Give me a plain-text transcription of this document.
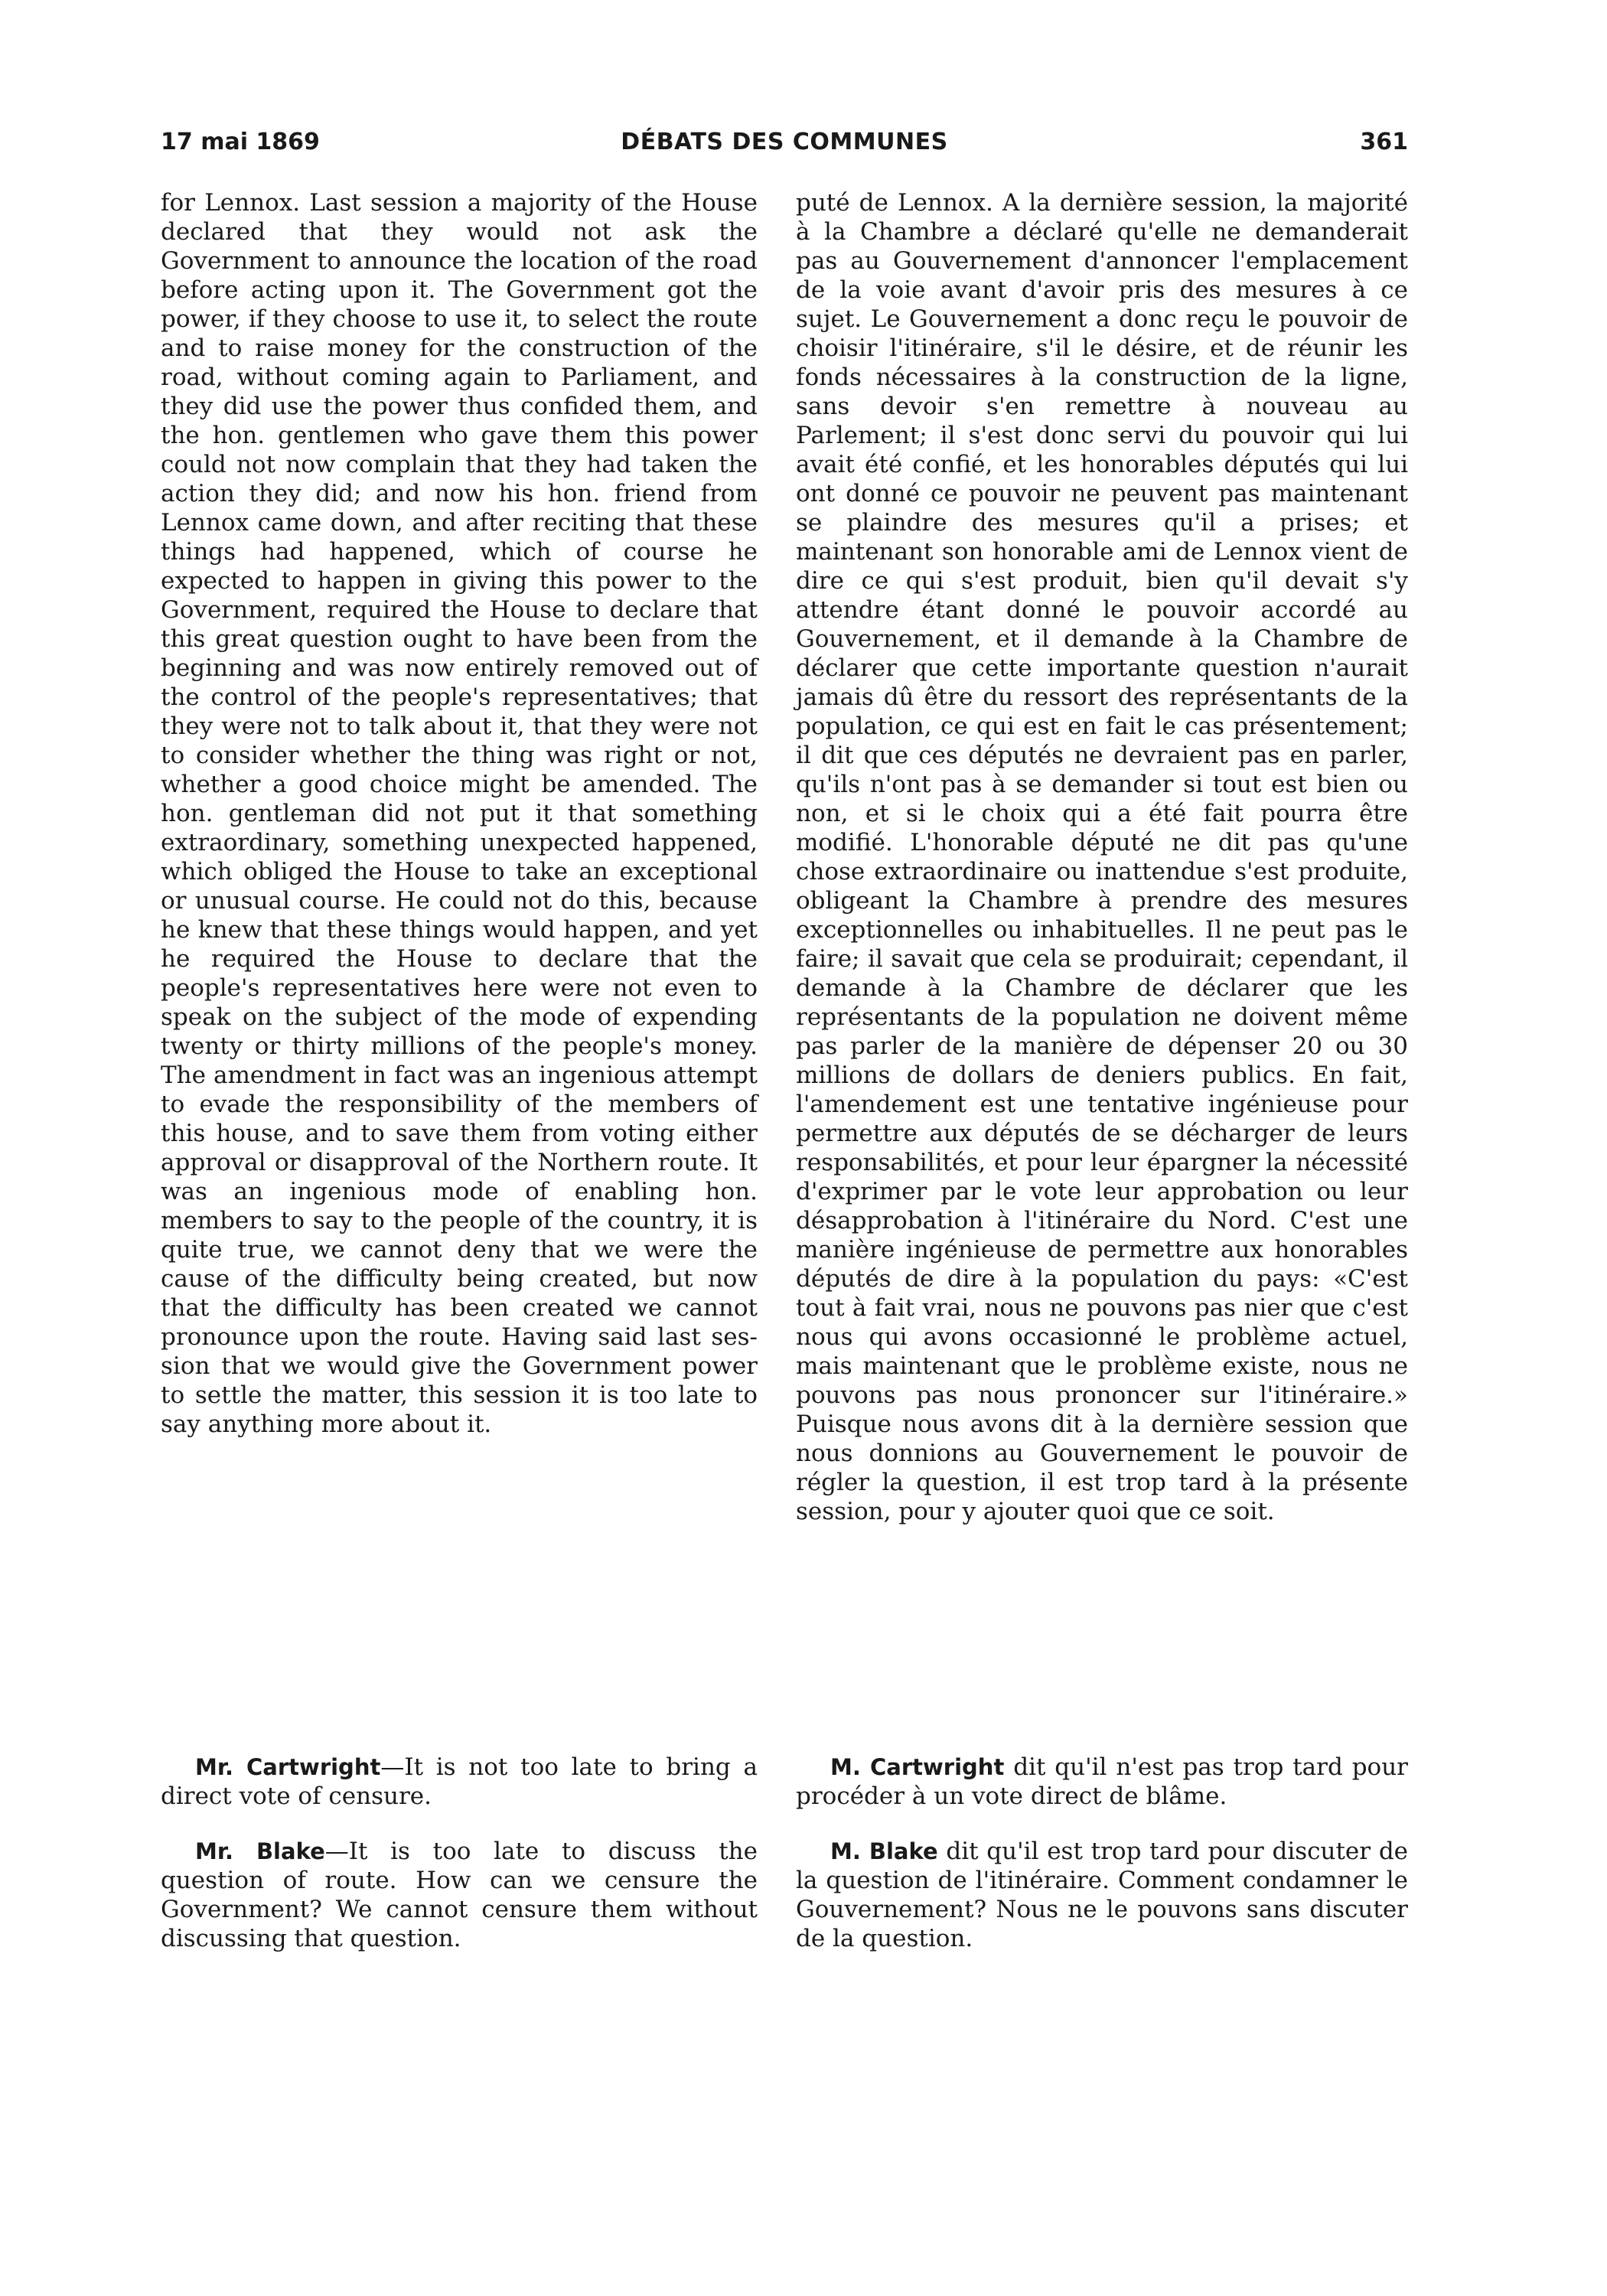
17 mai 1869	DÉBATS DES COMMUNES	361

for Lennox. Last session a majority of the House declared that they would not ask the Government to announce the location of the road before acting upon it. The Government got the power, if they choose to use it, to select the route and to raise money for the construction of the road, without coming again to Parliament, and they did use the power thus confided them, and the hon. gentlemen who gave them this power could not now complain that they had taken the action they did; and now his hon. friend from Lennox came down, and after reciting that these things had happened, which of course he expected to happen in giving this power to the Government, required the House to declare that this great question ought to have been from the beginning and was now entirely removed out of the control of the people's representatives; that they were not to talk about it, that they were not to consider whether the thing was right or not, whether a good choice might be amended. The hon. gentleman did not put it that something extraordinary, something unexpected happened, which obliged the House to take an exceptional or unusual course. He could not do this, because he knew that these things would happen, and yet he required the House to declare that the people's representatives here were not even to speak on the subject of the mode of expending twenty or thirty millions of the people's money. The amendment in fact was an ingenious attempt to evade the responsibility of the members of this house, and to save them from voting either approval or disapproval of the Northern route. It was an ingenious mode of enabling hon. members to say to the people of the country, it is quite true, we cannot deny that we were the cause of the difficulty being created, but now that the difficulty has been created we cannot pronounce upon the route. Having said last session that we would give the Government power to settle the matter, this session it is too late to say anything more about it.

puté de Lennox. A la dernière session, la majorité à la Chambre a déclaré qu'elle ne demanderait pas au Gouvernement d'annoncer l'emplacement de la voie avant d'avoir pris des mesures à ce sujet. Le Gouvernement a donc reçu le pouvoir de choisir l'itinéraire, s'il le désire, et de réunir les fonds nécessaires à la construction de la ligne, sans devoir s'en remettre à nouveau au Parlement; il s'est donc servi du pouvoir qui lui avait été confié, et les honorables députés qui lui ont donné ce pouvoir ne peuvent pas maintenant se plaindre des mesures qu'il a prises; et maintenant son honorable ami de Lennox vient de dire ce qui s'est produit, bien qu'il devait s'y attendre étant donné le pouvoir accordé au Gouvernement, et il demande à la Chambre de déclarer que cette importante question n'aurait jamais dû être du ressort des représentants de la population, ce qui est en fait le cas présentement; il dit que ces députés ne devraient pas en parler, qu'ils n'ont pas à se demander si tout est bien ou non, et si le choix qui a été fait pourra être modifié. L'honorable député ne dit pas qu'une chose extraordinaire ou inattendue s'est produite, obligeant la Chambre à prendre des mesures exceptionnelles ou inhabituelles. Il ne peut pas le faire; il savait que cela se produirait; cependant, il demande à la Chambre de déclarer que les représentants de la population ne doivent même pas parler de la manière de dépenser 20 ou 30 millions de dollars de deniers publics. En fait, l'amendement est une tentative ingénieuse pour permettre aux députés de se décharger de leurs responsabilités, et pour leur épargner la nécessité d'exprimer par le vote leur approbation ou leur désapprobation à l'itinéraire du Nord. C'est une manière ingénieuse de permettre aux honorables députés de dire à la population du pays: «C'est tout à fait vrai, nous ne pouvons pas nier que c'est nous qui avons occasionné le problème actuel, mais maintenant que le problème existe, nous ne pouvons pas nous prononcer sur l'itinéraire.» Puisque nous avons dit à la dernière session que nous donnions au Gouvernement le pouvoir de régler la question, il est trop tard à la présente session, pour y ajouter quoi que ce soit.

Mr. Cartwright—It is not too late to bring a direct vote of censure.

Mr. Blake—It is too late to discuss the question of route. How can we censure the Government? We cannot censure them without discussing that question.

M. Cartwright dit qu'il n'est pas trop tard pour procéder à un vote direct de blâme.

M. Blake dit qu'il est trop tard pour discuter de la question de l'itinéraire. Comment condamner le Gouvernement? Nous ne le pouvons sans discuter de la question.
